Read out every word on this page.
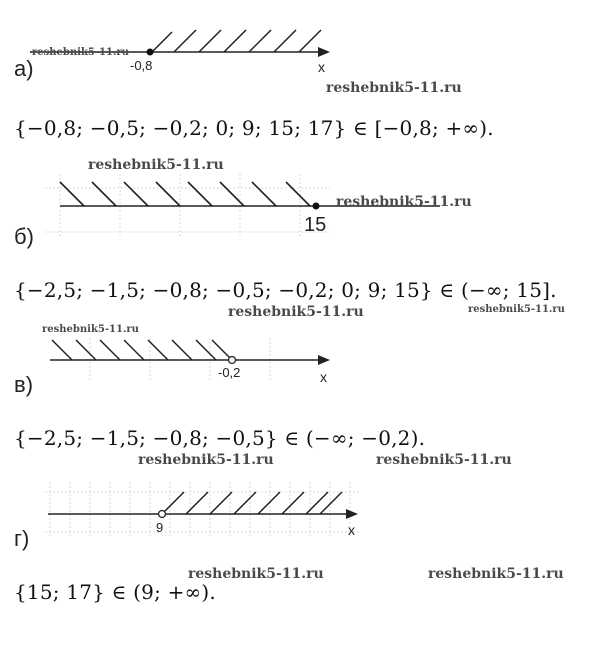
-0,8	x
а)
reshebnik5-11.ru
reshebnik5-11.ru
{−0,8; −0,5; −0,2; 0; 9; 15; 17} ∈ [−0,8; +∞).
15
reshebnik5-11.ru
reshebnik5-11.ru
б)
{−2,5; −1,5; −0,8; −0,5; −0,2; 0; 9; 15} ∈ (−∞; 15].
reshebnik5-11.ru	reshebnik5-11.ru
-0,2	x
reshebnik5-11.ru
в)
{−2,5; −1,5; −0,8; −0,5} ∈ (−∞; −0,2).
reshebnik5-11.ru	reshebnik5-11.ru
9	x
г)
reshebnik5-11.ru	reshebnik5-11.ru
{15; 17} ∈ (9; +∞).
